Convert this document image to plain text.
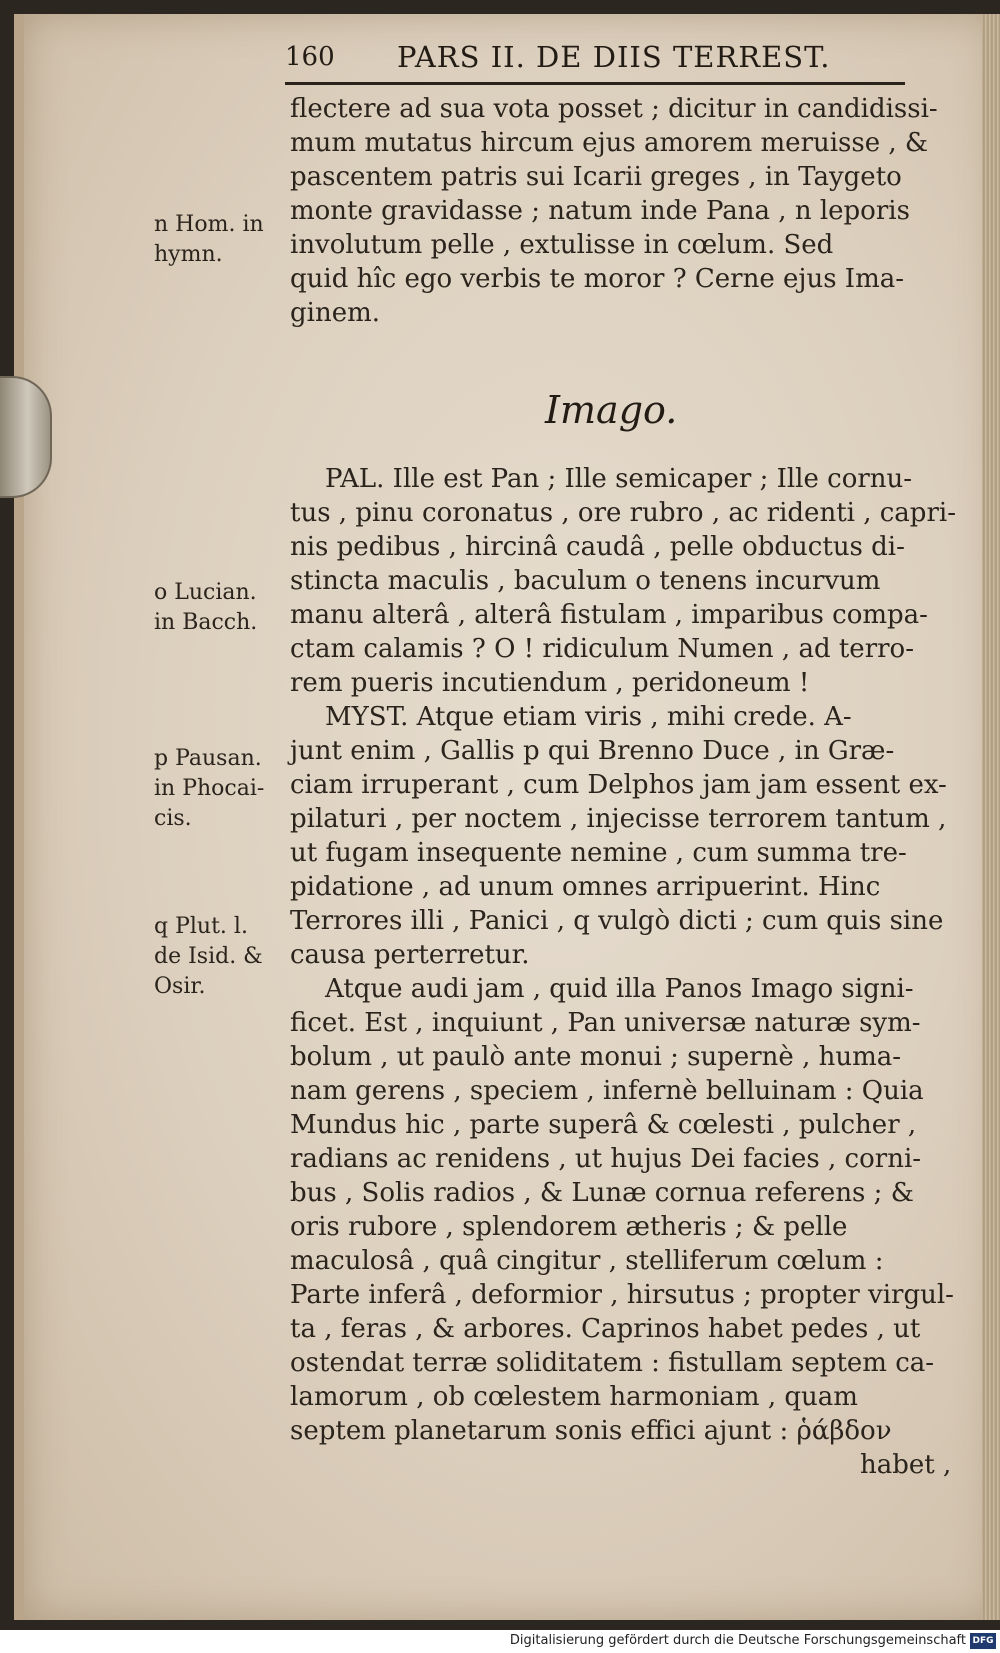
160 PARS II. DE DIIS TERREST.
flectere ad sua vota posset ; dicitur in candidissi-
mum mutatus hircum ejus amorem meruisse , &
pascentem patris sui Icarii greges , in Taygeto
monte gravidasse ; natum inde Pana , n leporis
involutum pelle , extulisse in cœlum. Sed
quid hîc ego verbis te moror ? Cerne ejus Ima-
ginem.
Imago.
PAL. Ille est Pan ; Ille semicaper ; Ille cornu-
tus , pinu coronatus , ore rubro , ac ridenti , capri-
nis pedibus , hircinâ caudâ , pelle obductus di-
stincta maculis , baculum o tenens incurvum
manu alterâ , alterâ fistulam , imparibus compa-
ctam calamis ? O ! ridiculum Numen , ad terro-
rem pueris incutiendum , peridoneum !
MYST. Atque etiam viris , mihi crede. A-
junt enim , Gallis p qui Brenno Duce , in Græ-
ciam irruperant , cum Delphos jam jam essent ex-
pilaturi , per noctem , injecisse terrorem tantum ,
ut fugam insequente nemine , cum summa tre-
pidatione , ad unum omnes arripuerint. Hinc
Terrores illi , Panici , q vulgò dicti ; cum quis sine
causa perterretur.
Atque audi jam , quid illa Panos Imago signi-
ficet. Est , inquiunt , Pan universæ naturæ sym-
bolum , ut paulò ante monui ; supernè , huma-
nam gerens , speciem , infernè belluinam : Quia
Mundus hic , parte superâ & cœlesti , pulcher ,
radians ac renidens , ut hujus Dei facies , corni-
bus , Solis radios , & Lunæ cornua referens ; &
oris rubore , splendorem ætheris ; & pelle
maculosâ , quâ cingitur , stelliferum cœlum :
Parte inferâ , deformior , hirsutus ; propter virgul-
ta , feras , & arbores. Caprinos habet pedes , ut
ostendat terræ soliditatem : fistullam septem ca-
lamorum , ob cœlestem harmoniam , quam
septem planetarum sonis effici ajunt : ῥάβδον
habet ,
n Hom. in
hymn.
o Lucian.
in Bacch.
p Pausan.
in Phocai-
cis.
q Plut. l.
de Isid. &
Osir.
Digitalisierung gefördert durch die Deutsche Forschungsgemeinschaft DFG
